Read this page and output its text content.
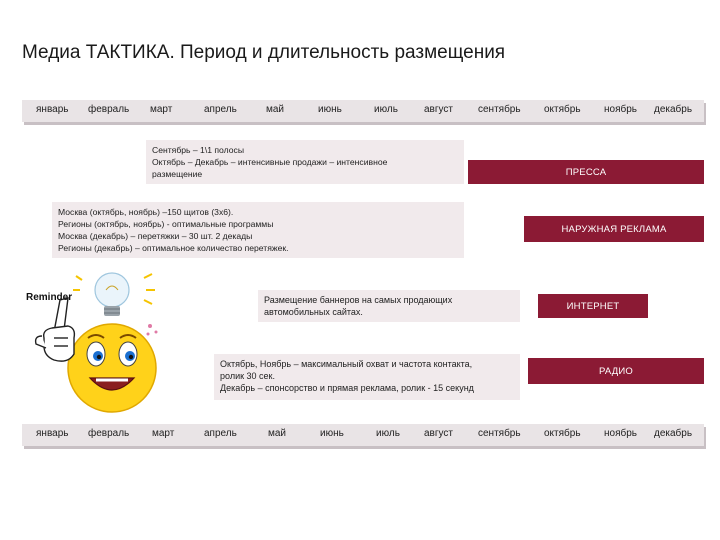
Медиа ТАКТИКА. Период и длительность размещения
январь февраль март	апрель	май	июнь	июль	август	сентябрь октябрь ноябрь декабрь
Сентябрь – 1\1 полосы
Октябрь – Декабрь – интенсивные продажи – интенсивное
размещение
Москва (октябрь, ноябрь) –150 щитов (3х6).
Регионы (октябрь, ноябрь) - оптимальные программы
Москва (декабрь) – перетяжки – 30 шт. 2 декады
Регионы (декабрь) – оптимальное количество перетяжек.
Размещение баннеров на самых продающих
автомобильных сайтах.
Октябрь, Ноябрь – максимальный охват и частота контакта,
ролик 30 сек.
Декабрь – спонсорство и прямая реклама, ролик - 15 секунд
ПРЕССА
НАРУЖНАЯ РЕКЛАМА
ИНТЕРНЕТ
РАДИО
Reminder
январь февраль март	апрель	май	июнь	июль август	сентябрь октябрь ноябрь декабрь
